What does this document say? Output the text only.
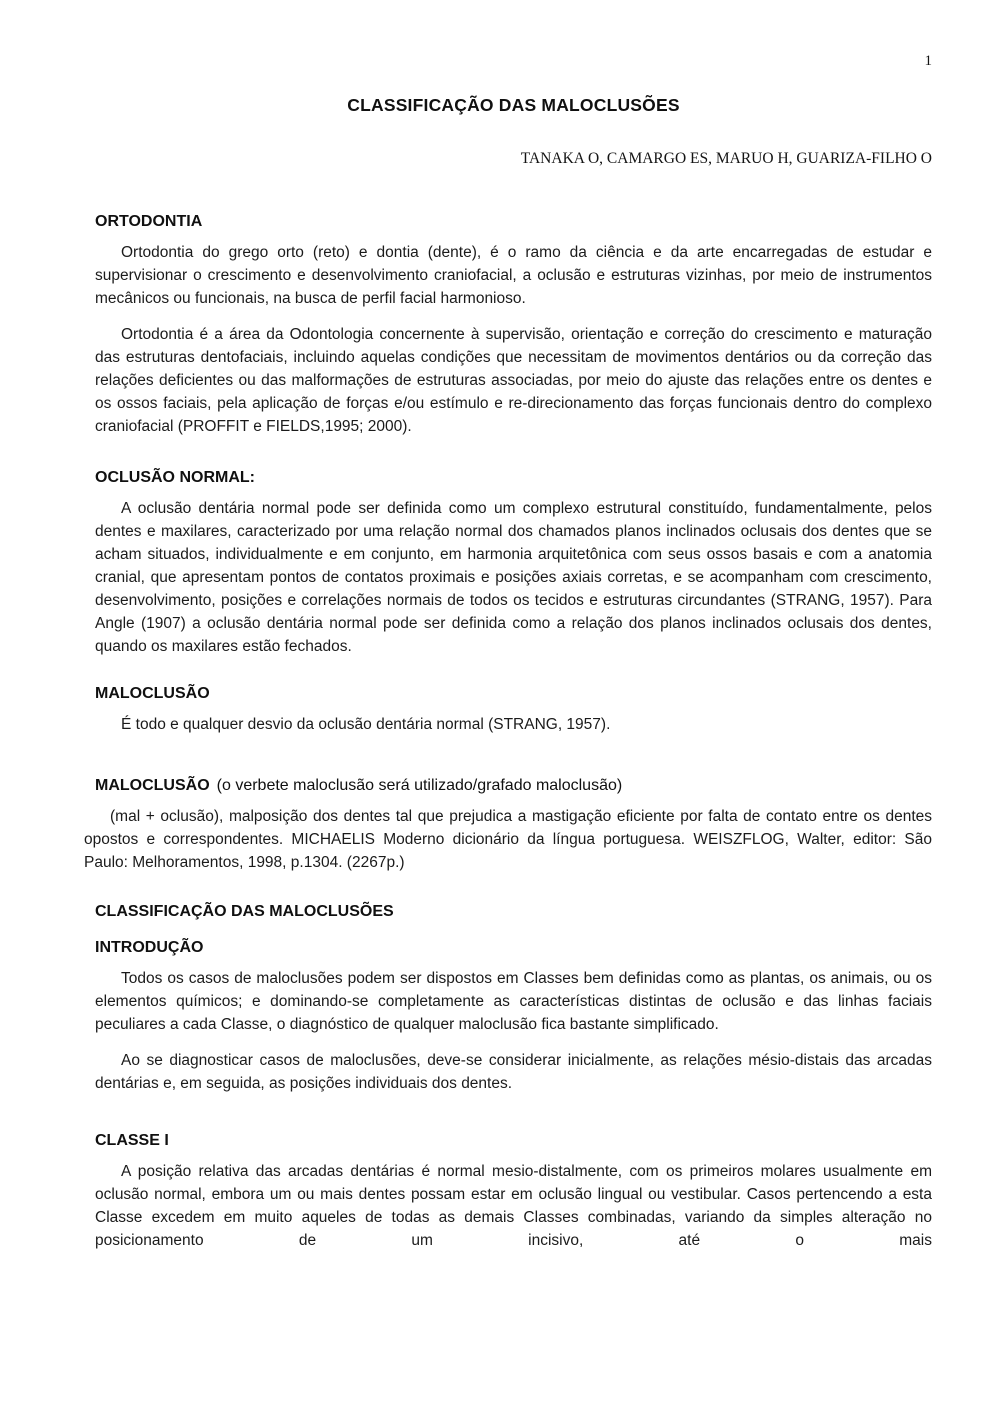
1
CLASSIFICAÇÃO DAS MALOCLUSÕES
TANAKA O, CAMARGO ES, MARUO H, GUARIZA-FILHO O
ORTODONTIA

Ortodontia do grego orto (reto) e dontia (dente), é o ramo da ciência e da arte encarregadas de estudar e supervisionar o crescimento e desenvolvimento craniofacial, a oclusão e estruturas vizinhas, por meio de instrumentos mecânicos ou funcionais, na busca de perfil facial harmonioso.

Ortodontia é a área da Odontologia concernente à supervisão, orientação e correção do crescimento e maturação das estruturas dentofaciais, incluindo aquelas condições que necessitam de movimentos dentários ou da correção das relações deficientes ou das malformações de estruturas associadas, por meio do ajuste das relações entre os dentes e os ossos faciais, pela aplicação de forças e/ou estímulo e re-direcionamento das forças funcionais dentro do complexo craniofacial (PROFFIT e FIELDS,1995; 2000).

OCLUSÃO NORMAL:

A oclusão dentária normal pode ser definida como um complexo estrutural constituído, fundamentalmente, pelos dentes e maxilares, caracterizado por uma relação normal dos chamados planos inclinados oclusais dos dentes que se acham situados, individualmente e em conjunto, em harmonia arquitetônica com seus ossos basais e com a anatomia cranial, que apresentam pontos de contatos proximais e posições axiais corretas, e se acompanham com crescimento, desenvolvimento, posições e correlações normais de todos os tecidos e estruturas circundantes (STRANG, 1957). Para Angle (1907) a oclusão dentária normal pode ser definida como a relação dos planos inclinados oclusais dos dentes, quando os maxilares estão fechados.

MALOCLUSÃO

É todo e qualquer desvio da oclusão dentária normal (STRANG, 1957).

MALOCLUSÃO (o verbete maloclusão será utilizado/grafado maloclusão)

(mal + oclusão), malposição dos dentes tal que prejudica a mastigação eficiente por falta de contato entre os dentes opostos e correspondentes. MICHAELIS Moderno dicionário da língua portuguesa. WEISZFLOG, Walter, editor: São Paulo: Melhoramentos, 1998, p.1304. (2267p.)

CLASSIFICAÇÃO DAS MALOCLUSÕES
INTRODUÇÃO

Todos os casos de maloclusões podem ser dispostos em Classes bem definidas como as plantas, os animais, ou os elementos químicos; e dominando-se completamente as características distintas de oclusão e das linhas faciais peculiares a cada Classe, o diagnóstico de qualquer maloclusão fica bastante simplificado.

Ao se diagnosticar casos de maloclusões, deve-se considerar inicialmente, as relações mésio-distais das arcadas dentárias e, em seguida, as posições individuais dos dentes.

CLASSE I

A posição relativa das arcadas dentárias é normal mesio-distalmente, com os primeiros molares usualmente em oclusão normal, embora um ou mais dentes possam estar em oclusão lingual ou vestibular. Casos pertencendo a esta Classe excedem em muito aqueles de todas as demais Classes combinadas, variando da simples alteração no posicionamento de um incisivo, até o mais
